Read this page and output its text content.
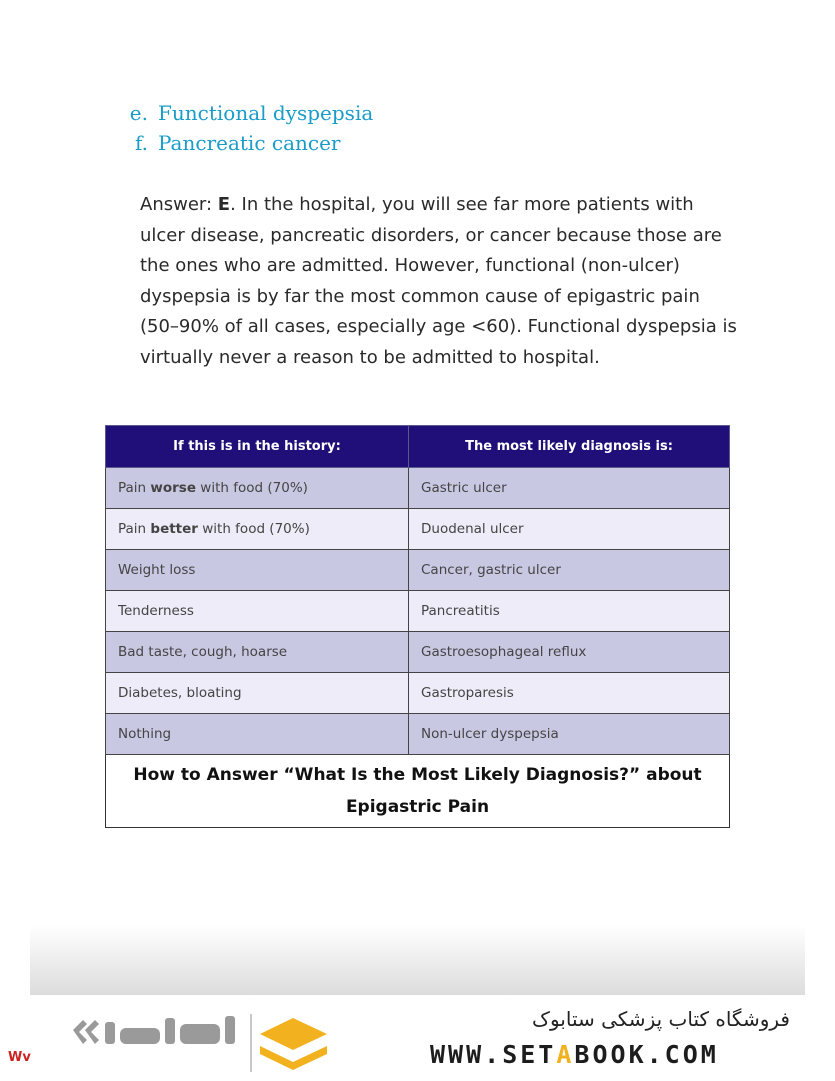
e. Functional dyspepsia
f. Pancreatic cancer
Answer: E. In the hospital, you will see far more patients with ulcer disease, pancreatic disorders, or cancer because those are the ones who are admitted. However, functional (non-ulcer) dyspepsia is by far the most common cause of epigastric pain (50–90% of all cases, especially age <60). Functional dyspepsia is virtually never a reason to be admitted to hospital.
If this is in the history:	The most likely diagnosis is:
Pain worse with food (70%)	Gastric ulcer
Pain better with food (70%)	Duodenal ulcer
Weight loss	Cancer, gastric ulcer
Tenderness	Pancreatitis
Bad taste, cough, hoarse	Gastroesophageal reflux
Diabetes, bloating	Gastroparesis
Nothing	Non-ulcer dyspepsia
How to Answer “What Is the Most Likely Diagnosis?” about Epigastric Pain	
فروشگاه کتاب پزشکی ستابوک
WWW.SETABOOK.COM
Wv
